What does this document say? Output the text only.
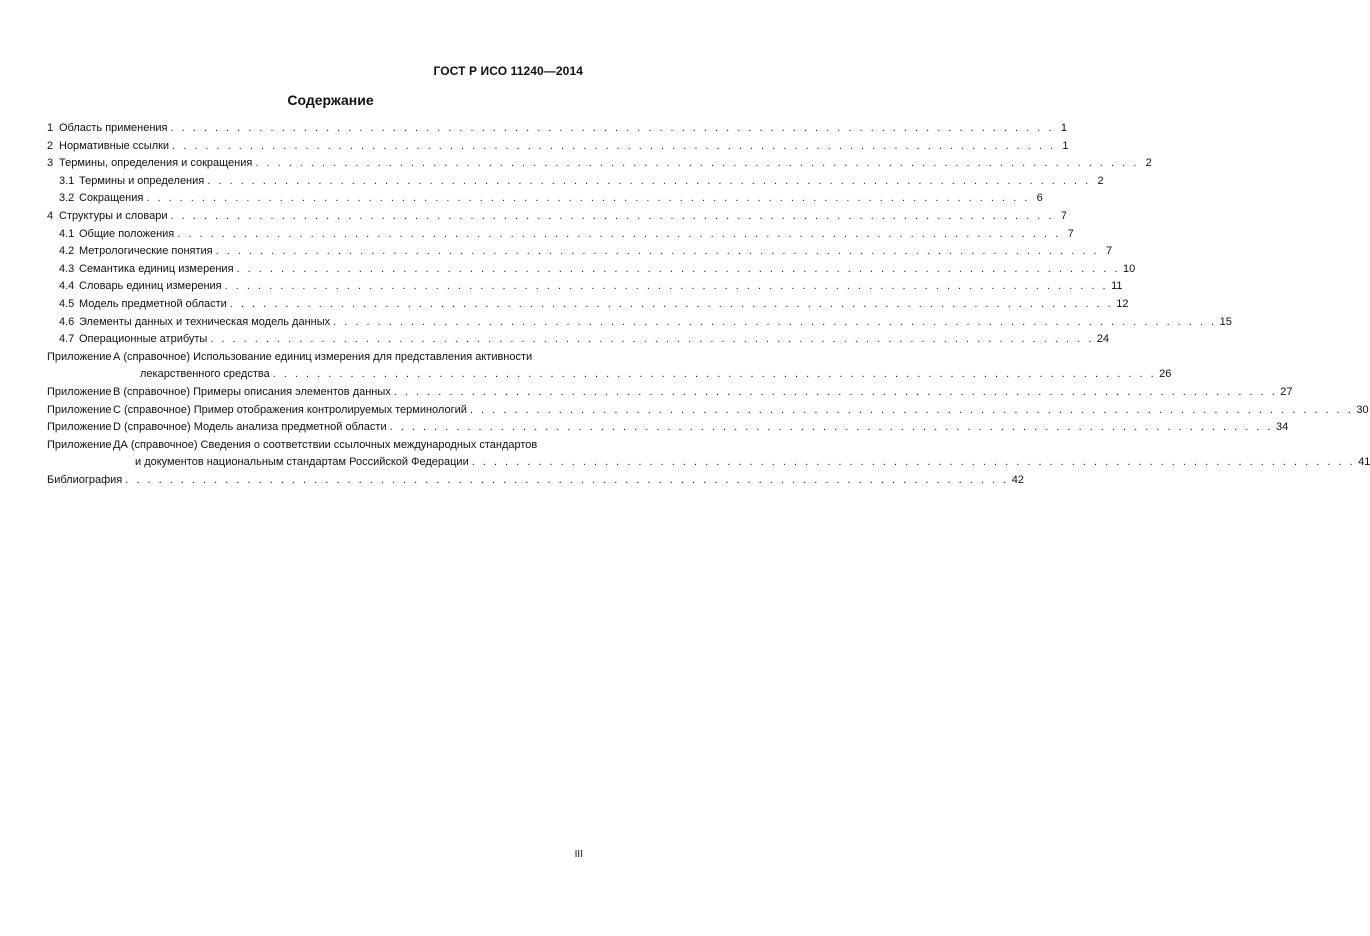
ГОСТ Р ИСО 11240—2014
Содержание
1 Область применения . . . . . . . . . . . . . . . . . . . . . . . . . . . . . . . . . . . . . . . . . . . . . . . . . . . . . . . . . . . . . . . . . . . . . . . . . . . . . . . . 1
2 Нормативные ссылки . . . . . . . . . . . . . . . . . . . . . . . . . . . . . . . . . . . . . . . . . . . . . . . . . . . . . . . . . . . . . . . . . . . . . . . . . . . . . . . . 1
3 Термины, определения и сокращения . . . . . . . . . . . . . . . . . . . . . . . . . . . . . . . . . . . . . . . . . . . . . . . . . . . . . . . . . . . . . . . . . . . . . . . . . . . . . . . . 2
3.1 Термины и определения . . . . . . . . . . . . . . . . . . . . . . . . . . . . . . . . . . . . . . . . . . . . . . . . . . . . . . . . . . . . . . . . . . . . . . . . . . . . . . . . 2
3.2 Сокращения . . . . . . . . . . . . . . . . . . . . . . . . . . . . . . . . . . . . . . . . . . . . . . . . . . . . . . . . . . . . . . . . . . . . . . . . . . . . . . . . 6
4 Структуры и словари . . . . . . . . . . . . . . . . . . . . . . . . . . . . . . . . . . . . . . . . . . . . . . . . . . . . . . . . . . . . . . . . . . . . . . . . . . . . . . . . 7
4.1 Общие положения . . . . . . . . . . . . . . . . . . . . . . . . . . . . . . . . . . . . . . . . . . . . . . . . . . . . . . . . . . . . . . . . . . . . . . . . . . . . . . . . 7
4.2 Метрологические понятия . . . . . . . . . . . . . . . . . . . . . . . . . . . . . . . . . . . . . . . . . . . . . . . . . . . . . . . . . . . . . . . . . . . . . . . . . . . . . . . . 7
4.3 Семантика единиц измерения . . . . . . . . . . . . . . . . . . . . . . . . . . . . . . . . . . . . . . . . . . . . . . . . . . . . . . . . . . . . . . . . . . . . . . . . . . . . . . . . 10
4.4 Словарь единиц измерения . . . . . . . . . . . . . . . . . . . . . . . . . . . . . . . . . . . . . . . . . . . . . . . . . . . . . . . . . . . . . . . . . . . . . . . . . . . . . . . . 11
4.5 Модель предметной области . . . . . . . . . . . . . . . . . . . . . . . . . . . . . . . . . . . . . . . . . . . . . . . . . . . . . . . . . . . . . . . . . . . . . . . . . . . . . . . . 12
4.6 Элементы данных и техническая модель данных . . . . . . . . . . . . . . . . . . . . . . . . . . . . . . . . . . . . . . . . . . . . . . . . . . . . . . . . . . . . . . . . . . . . . . . . . . . . . . . . 15
4.7 Операционные атрибуты . . . . . . . . . . . . . . . . . . . . . . . . . . . . . . . . . . . . . . . . . . . . . . . . . . . . . . . . . . . . . . . . . . . . . . . . . . . . . . . . 24
Приложение А (справочное) Использование единиц измерения для представления активности
лекарственного средства . . . . . . . . . . . . . . . . . . . . . . . . . . . . . . . . . . . . . . . . . . . . . . . . . . . . . . . . . . . . . . . . . . . . . . . . . . . . . . . . 26
Приложение В (справочное) Примеры описания элементов данных . . . . . . . . . . . . . . . . . . . . . . . . . . . . . . . . . . . . . . . . . . . . . . . . . . . . . . . . . . . . . . . . . . . . . . . . . . . . . . . . 27
Приложение С (справочное) Пример отображения контролируемых терминологий . . . . . . . . . . . . . . . . . . . . . . . . . . . . . . . . . . . . . . . . . . . . . . . . . . . . . . . . . . . . . . . . . . . . . . . . . . . . . . . . 30
Приложение D (справочное) Модель анализа предметной области . . . . . . . . . . . . . . . . . . . . . . . . . . . . . . . . . . . . . . . . . . . . . . . . . . . . . . . . . . . . . . . . . . . . . . . . . . . . . . . . 34
Приложение ДА (справочное) Сведения о соответствии ссылочных международных стандартов
и документов национальным стандартам Российской Федерации . . . . . . . . . . . . . . . . . . . . . . . . . . . . . . . . . . . . . . . . . . . . . . . . . . . . . . . . . . . . . . . . . . . . . . . . . . . . . . . . 41
Библиография . . . . . . . . . . . . . . . . . . . . . . . . . . . . . . . . . . . . . . . . . . . . . . . . . . . . . . . . . . . . . . . . . . . . . . . . . . . . . . . . 42
III
